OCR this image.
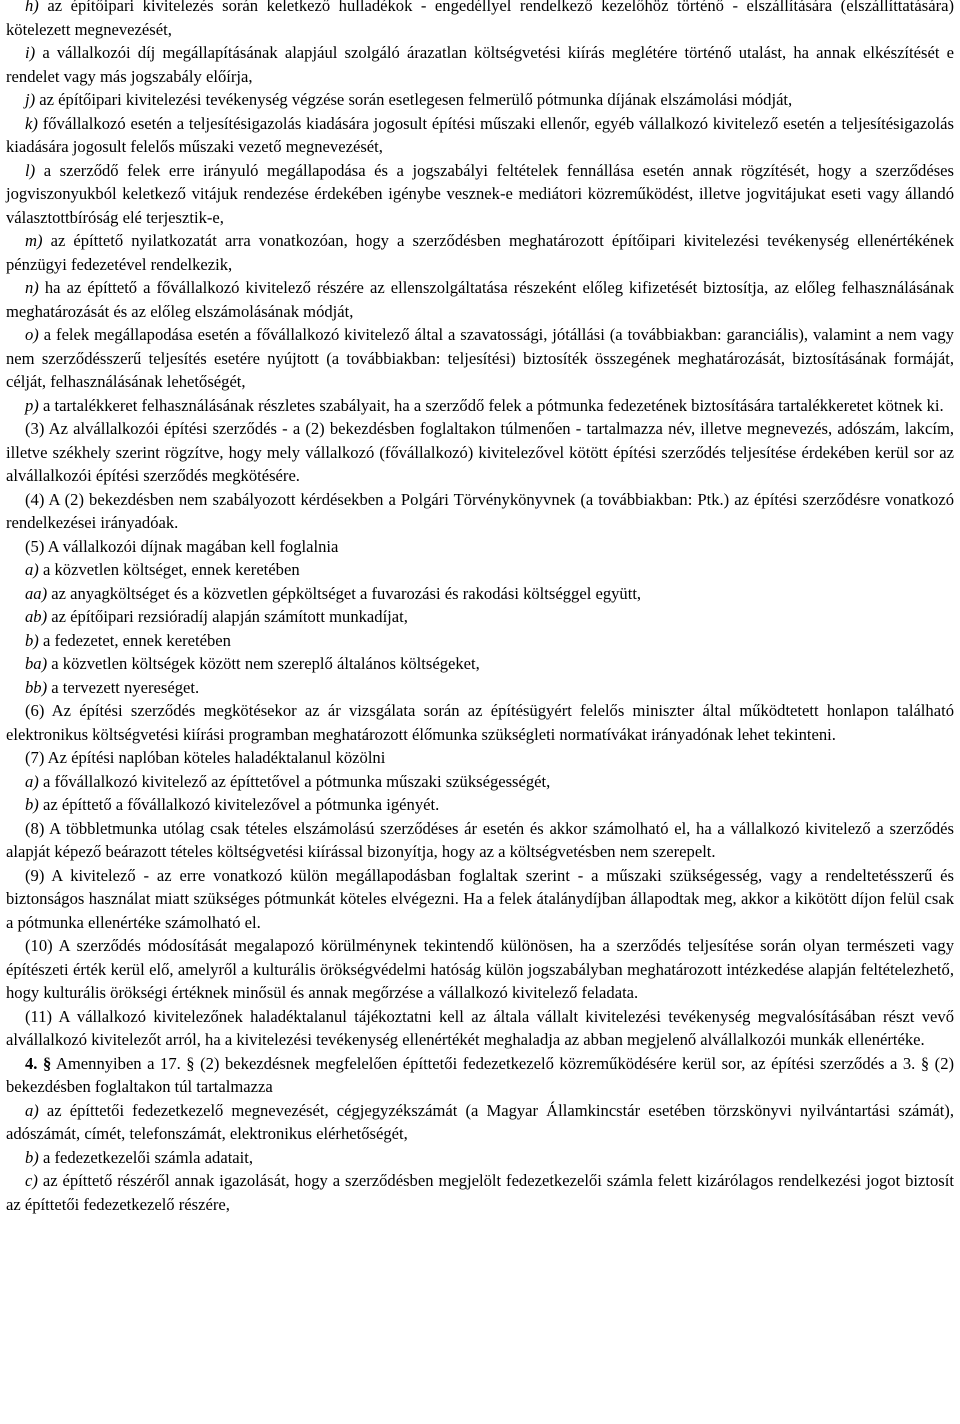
h) az építőipari kivitelezés során keletkező hulladékok - engedéllyel rendelkező kezelőhöz történő - elszállítására (elszállíttatására) kötelezett megnevezését,

i) a vállalkozói díj megállapításának alapjául szolgáló árazatlan költségvetési kiírás meglétére történő utalást, ha annak elkészítését e rendelet vagy más jogszabály előírja,

j) az építőipari kivitelezési tevékenység végzése során esetlegesen felmerülő pótmunka díjának elszámolási módját,

k) fővállalkozó esetén a teljesítésigazolás kiadására jogosult építési műszaki ellenőr, egyéb vállalkozó kivitelező esetén a teljesítésigazolás kiadására jogosult felelős műszaki vezető megnevezését,

l) a szerződő felek erre irányuló megállapodása és a jogszabályi feltételek fennállása esetén annak rögzítését, hogy a szerződéses jogviszonyukból keletkező vitájuk rendezése érdekében igénybe vesznek-e mediátori közreműködést, illetve jogvitájukat eseti vagy állandó választottbíróság elé terjesztik-e,

m) az építtető nyilatkozatát arra vonatkozóan, hogy a szerződésben meghatározott építőipari kivitelezési tevékenység ellenértékének pénzügyi fedezetével rendelkezik,

n) ha az építtető a fővállalkozó kivitelező részére az ellenszolgáltatása részeként előleg kifizetését biztosítja, az előleg felhasználásának meghatározását és az előleg elszámolásának módját,

o) a felek megállapodása esetén a fővállalkozó kivitelező által a szavatossági, jótállási (a továbbiakban: garanciális), valamint a nem vagy nem szerződésszerű teljesítés esetére nyújtott (a továbbiakban: teljesítési) biztosíték összegének meghatározását, biztosításának formáját, célját, felhasználásának lehetőségét,

p) a tartalékkeret felhasználásának részletes szabályait, ha a szerződő felek a pótmunka fedezetének biztosítására tartalékkeretet kötnek ki.

(3) Az alvállalkozói építési szerződés - a (2) bekezdésben foglaltakon túlmenően - tartalmazza név, illetve megnevezés, adószám, lakcím, illetve székhely szerint rögzítve, hogy mely vállalkozó (fővállalkozó) kivitelezővel kötött építési szerződés teljesítése érdekében kerül sor az alvállalkozói építési szerződés megkötésére.

(4) A (2) bekezdésben nem szabályozott kérdésekben a Polgári Törvénykönyvnek (a továbbiakban: Ptk.) az építési szerződésre vonatkozó rendelkezései irányadóak.

(5) A vállalkozói díjnak magában kell foglalnia

a) a közvetlen költséget, ennek keretében

aa) az anyagköltséget és a közvetlen gépköltséget a fuvarozási és rakodási költséggel együtt,

ab) az építőipari rezsióradíj alapján számított munkadíjat,

b) a fedezetet, ennek keretében

ba) a közvetlen költségek között nem szereplő általános költségeket,

bb) a tervezett nyereséget.

(6) Az építési szerződés megkötésekor az ár vizsgálata során az építésügyért felelős miniszter által működtetett honlapon található elektronikus költségvetési kiírási programban meghatározott élőmunka szükségleti normatívákat irányadónak lehet tekinteni.

(7) Az építési naplóban köteles haladéktalanul közölni

a) a fővállalkozó kivitelező az építtetővel a pótmunka műszaki szükségességét,

b) az építtető a fővállalkozó kivitelezővel a pótmunka igényét.

(8) A többletmunka utólag csak tételes elszámolású szerződéses ár esetén és akkor számolható el, ha a vállalkozó kivitelező a szerződés alapját képező beárazott tételes költségvetési kiírással bizonyítja, hogy az a költségvetésben nem szerepelt.

(9) A kivitelező - az erre vonatkozó külön megállapodásban foglaltak szerint - a műszaki szükségesség, vagy a rendeltetésszerű és biztonságos használat miatt szükséges pótmunkát köteles elvégezni. Ha a felek átalánydíjban állapodtak meg, akkor a kikötött díjon felül csak a pótmunka ellenértéke számolható el.

(10) A szerződés módosítását megalapozó körülménynek tekintendő különösen, ha a szerződés teljesítése során olyan természeti vagy építészeti érték kerül elő, amelyről a kulturális örökségvédelmi hatóság külön jogszabályban meghatározott intézkedése alapján feltételezhető, hogy kulturális örökségi értéknek minősül és annak megőrzése a vállalkozó kivitelező feladata.

(11) A vállalkozó kivitelezőnek haladéktalanul tájékoztatni kell az általa vállalt kivitelezési tevékenység megvalósításában részt vevő alvállalkozó kivitelezőt arról, ha a kivitelezési tevékenység ellenértékét meghaladja az abban megjelenő alvállalkozói munkák ellenértéke.

4. § Amennyiben a 17. § (2) bekezdésnek megfelelően építtetői fedezetkezelő közreműködésére kerül sor, az építési szerződés a 3. § (2) bekezdésben foglaltakon túl tartalmazza

a) az építtetői fedezetkezelő megnevezését, cégjegyzékszámát (a Magyar Államkincstár esetében törzskönyvi nyilvántartási számát), adószámát, címét, telefonszámát, elektronikus elérhetőségét,

b) a fedezetkezelői számla adatait,

c) az építtető részéről annak igazolását, hogy a szerződésben megjelölt fedezetkezelői számla felett kizárólagos rendelkezési jogot biztosít az építtetői fedezetkezelő részére,
